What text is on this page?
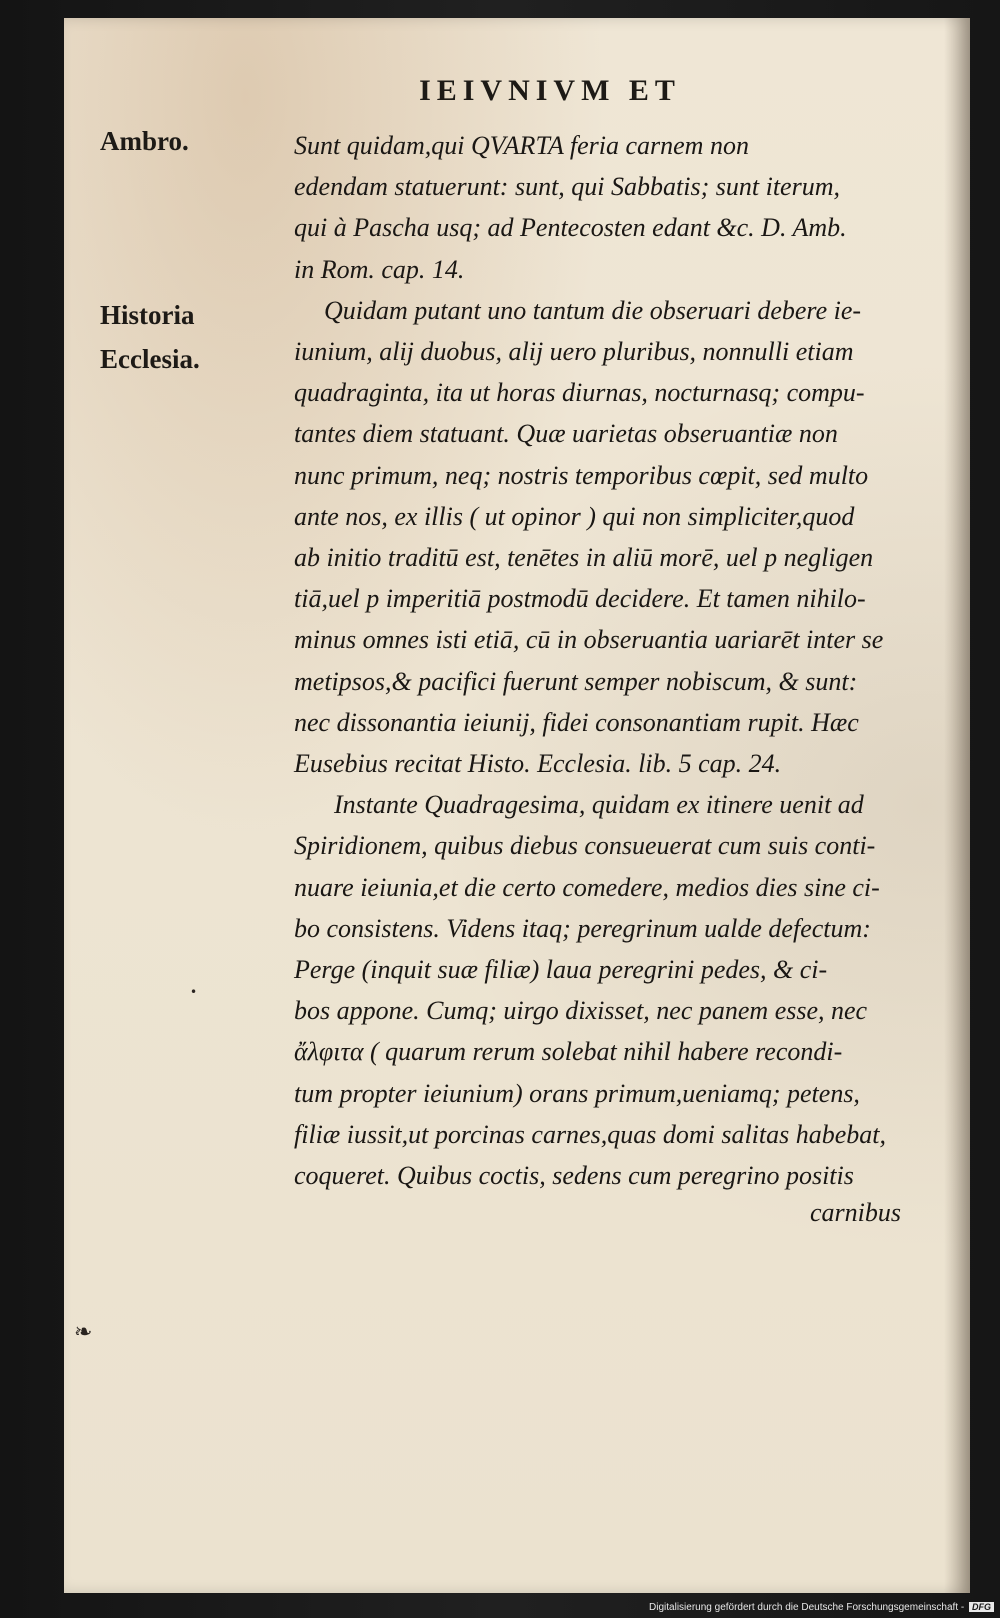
IEIVNIVM ET

Ambro.

Historia

Ecclesia.

Sunt quidam,qui QVARTA feria carnem non
edendam statuerunt: sunt, qui Sabbatis; sunt iterum,
qui à Pascha usq; ad Pentecosten edant &c. D. Amb.
in Rom. cap. 14.
Quidam putant uno tantum die obseruari debere ie-
iunium, alij duobus, alij uero pluribus, nonnulli etiam
quadraginta, ita ut horas diurnas, nocturnasq; compu-
tantes diem statuant. Quæ uarietas obseruantiæ non
nunc primum, neq; nostris temporibus cœpit, sed multo
ante nos, ex illis ( ut opinor ) qui non simpliciter,quod
ab initio traditū est, tenētes in aliū morē, uel p negligen
tiā,uel p imperitiā postmodū decidere. Et tamen nihilo-
minus omnes isti etiā, cū in obseruantia uariarēt inter se
metipsos,& pacifici fuerunt semper nobiscum, & sunt:
nec dissonantia ieiunij, fidei consonantiam rupit. Hæc
Eusebius recitat Histo. Ecclesia. lib. 5 cap. 24.
Instante Quadragesima, quidam ex itinere uenit ad
Spiridionem, quibus diebus consueuerat cum suis conti-
nuare ieiunia,et die certo comedere, medios dies sine ci-
bo consistens. Videns itaq; peregrinum ualde defectum:
Perge (inquit suæ filiæ) laua peregrini pedes, & ci-
bos appone. Cumq; uirgo dixisset, nec panem esse, nec
ἄλφιτα ( quarum rerum solebat nihil habere recondi-
tum propter ieiunium) orans primum,ueniamq; petens,
filiæ iussit,ut porcinas carnes,quas domi salitas habebat,
coqueret. Quibus coctis, sedens cum peregrino positis

carnibus

•
❧
Digitalisierung gefördert durch die Deutsche Forschungsgemeinschaft - DFG
